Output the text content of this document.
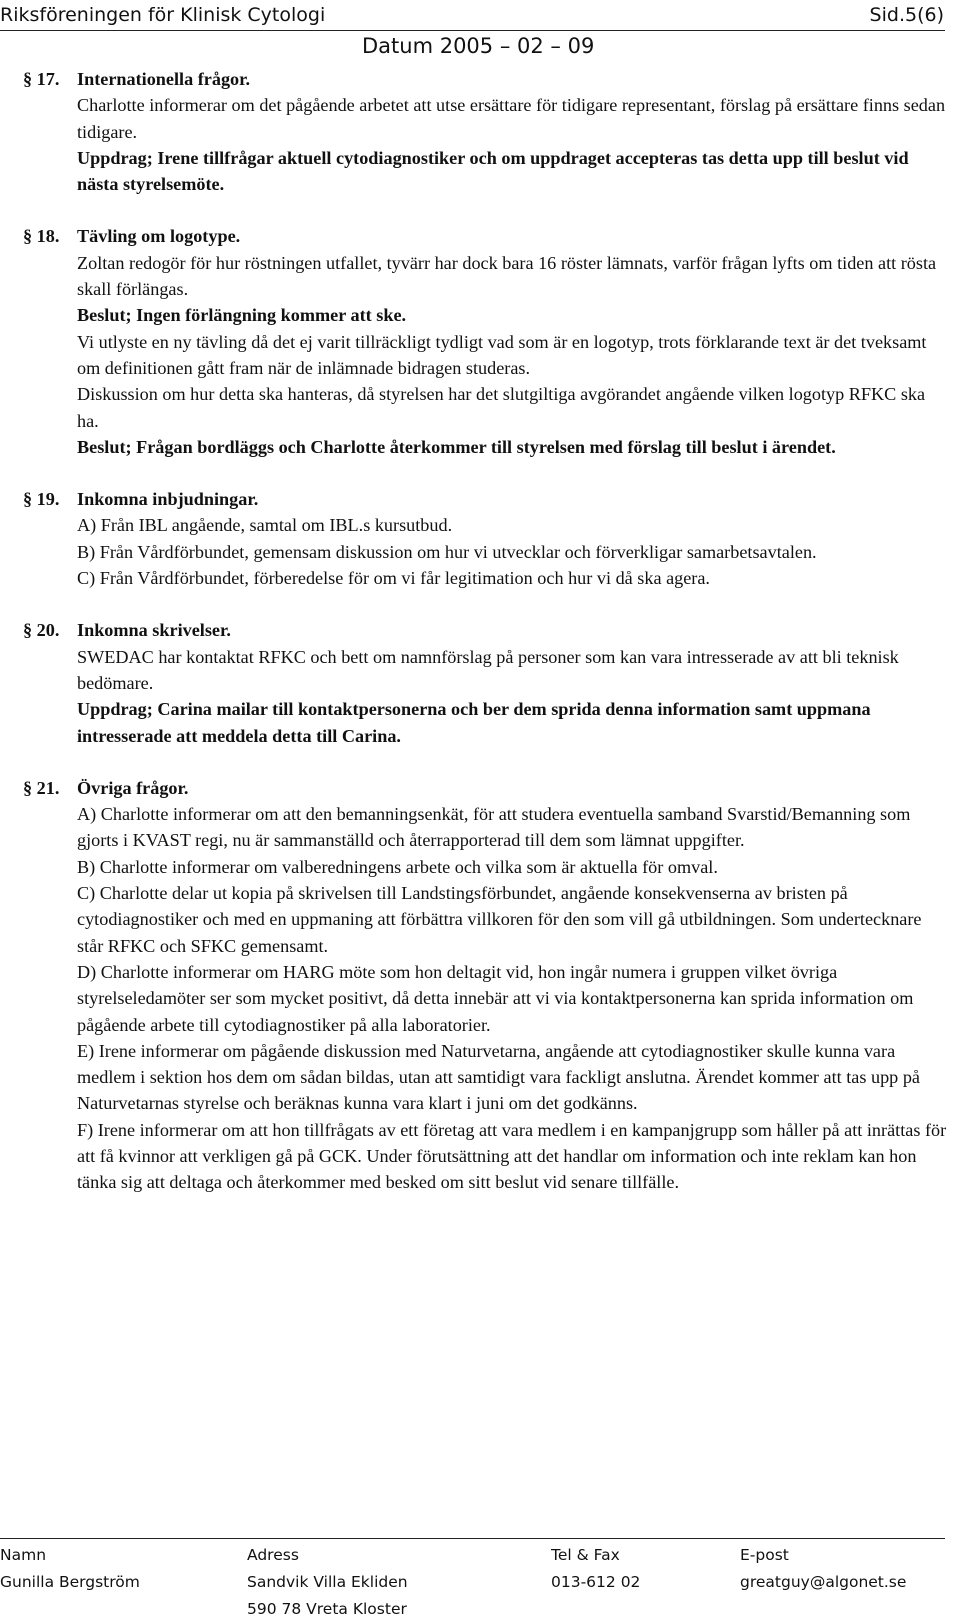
Riksföreningen för Klinisk Cytologi	Sid.5(6)
Datum 2005 – 02 – 09
§ 17. Internationella frågor.
Charlotte informerar om det pågående arbetet att utse ersättare för tidigare representant, förslag på ersättare finns sedan tidigare.
Uppdrag; Irene tillfrågar aktuell cytodiagnostiker och om uppdraget accepteras tas detta upp till beslut vid nästa styrelsemöte.
§ 18. Tävling om logotype.
Zoltan redogör för hur röstningen utfallet, tyvärr har dock bara 16 röster lämnats, varför frågan lyfts om tiden att rösta skall förlängas.
Beslut; Ingen förlängning kommer att ske.
Vi utlyste en ny tävling då det ej varit tillräckligt tydligt vad som är en logotyp, trots förklarande text är det tveksamt om definitionen gått fram när de inlämnade bidragen studeras.
Diskussion om hur detta ska hanteras, då styrelsen har det slutgiltiga avgörandet angående vilken logotyp RFKC ska ha.
Beslut; Frågan bordläggs och Charlotte återkommer till styrelsen med förslag till beslut i ärendet.
§ 19. Inkomna inbjudningar.
A) Från IBL angående, samtal om IBL.s kursutbud.
B) Från Vårdförbundet, gemensam diskussion om hur vi utvecklar och förverkligar samarbetsavtalen.
C) Från Vårdförbundet, förberedelse för om vi får legitimation och hur vi då ska agera.
§ 20. Inkomna skrivelser.
SWEDAC har kontaktat RFKC och bett om namnförslag på personer som kan vara intresserade av att bli teknisk bedömare.
Uppdrag; Carina mailar till kontaktpersonerna och ber dem sprida denna information samt uppmana intresserade att meddela detta till Carina.
§ 21. Övriga frågor.
A) Charlotte informerar om att den bemanningsenkät, för att studera eventuella samband Svarstid/Bemanning som gjorts i KVAST regi, nu är sammanställd och återrapporterad till dem som lämnat uppgifter.
B) Charlotte informerar om valberedningens arbete och vilka som är aktuella för omval.
C) Charlotte delar ut kopia på skrivelsen till Landstingsförbundet, angående konsekvenserna av bristen på cytodiagnostiker och med en uppmaning att förbättra villkoren för den som vill gå utbildningen. Som undertecknare står RFKC och SFKC gemensamt.
D) Charlotte informerar om HARG möte som hon deltagit vid, hon ingår numera i gruppen vilket övriga styrelseledamöter ser som mycket positivt, då detta innebär att vi via kontaktpersonerna kan sprida information om pågående arbete till cytodiagnostiker på alla laboratorier.
E) Irene informerar om pågående diskussion med Naturvetarna, angående att cytodiagnostiker skulle kunna vara medlem i sektion hos dem om sådan bildas, utan att samtidigt vara fackligt anslutna. Ärendet kommer att tas upp på Naturvetarnas styrelse och beräknas kunna vara klart i juni om det godkänns.
F) Irene informerar om att hon tillfrågats av ett företag att vara medlem i en kampanjgrupp som håller på att inrättas för att få kvinnor att verkligen gå på GCK. Under förutsättning att det handlar om information och inte reklam kan hon tänka sig att deltaga och återkommer med besked om sitt beslut vid senare tillfälle.
Namn
Gunilla Bergström
Adress
Sandvik Villa Ekliden
590 78 Vreta Kloster
Tel & Fax
013-612 02
E-post
greatguy@algonet.se
